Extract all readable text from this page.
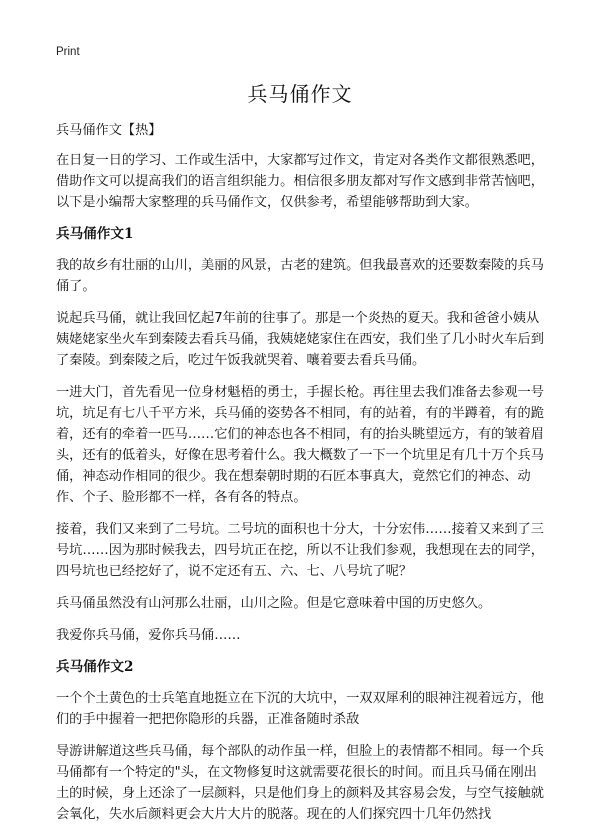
Print
兵马俑作文

兵马俑作文【热】

在日复一日的学习、工作或生活中，大家都写过作文，肯定对各类作文都很熟悉吧，借助作文可以提高我们的语言组织能力。相信很多朋友都对写作文感到非常苦恼吧，以下是小编帮大家整理的兵马俑作文，仅供参考，希望能够帮助到大家。

兵马俑作文1

我的故乡有壮丽的山川，美丽的风景，古老的建筑。但我最喜欢的还要数秦陵的兵马俑了。

说起兵马俑，就让我回忆起7年前的往事了。那是一个炎热的夏天。我和爸爸小姨从姨姥姥家坐火车到秦陵去看兵马俑，我姨姥姥家住在西安，我们坐了几小时火车后到了秦陵。到秦陵之后，吃过午饭我就哭着、嚷着要去看兵马俑。

一进大门，首先看见一位身材魁梧的勇士，手握长枪。再往里去我们准备去参观一号坑，坑足有七八千平方米，兵马俑的姿势各不相同，有的站着，有的半蹲着，有的跪着，还有的牵着一匹马……它们的神态也各不相同，有的抬头眺望远方，有的皱着眉头，还有的低着头，好像在思考着什么。我大概数了一下一个坑里足有几十万个兵马俑，神态动作相同的很少。我在想秦朝时期的石匠本事真大，竟然它们的神态、动作、个子、脸形都不一样，各有各的特点。

接着，我们又来到了二号坑。二号坑的面积也十分大，十分宏伟……接着又来到了三号坑……因为那时候我去，四号坑正在挖，所以不让我们参观，我想现在去的同学，四号坑也已经挖好了，说不定还有五、六、七、八号坑了呢？

兵马俑虽然没有山河那么壮丽，山川之险。但是它意味着中国的历史悠久。

我爱你兵马俑，爱你兵马俑……

兵马俑作文2

一个个土黄色的士兵笔直地挺立在下沉的大坑中，一双双犀利的眼神注视着远方，他们的手中握着一把把你隐形的兵器，正准备随时杀敌

导游讲解道这些兵马俑，每个部队的动作虽一样，但脸上的表情都不相同。每一个兵马俑都有一个特定的"头，在文物修复时这就需要花很长的时间。而且兵马俑在刚出土的时候，身上还涂了一层颜料，只是他们身上的颜料及其容易会发，与空气接触就会氧化，失水后颜料更会大片大片的脱落。现在的人们探究四十几年仍然找
